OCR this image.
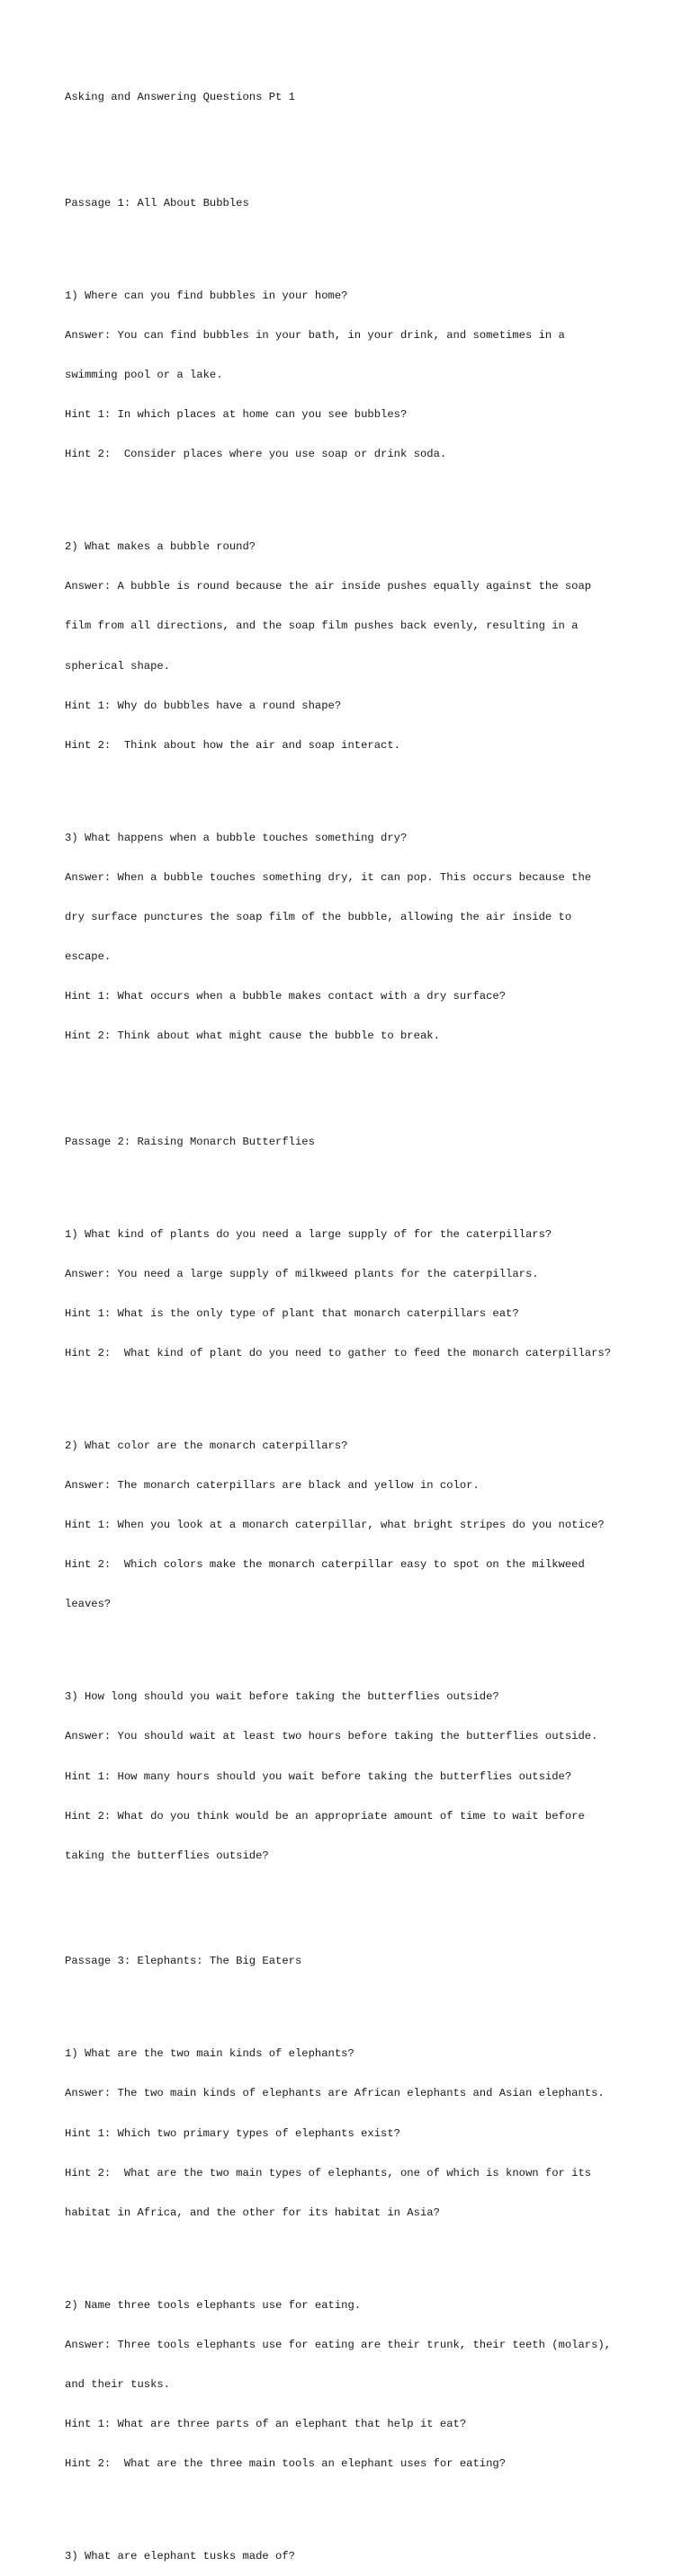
Asking and Answering Questions Pt 1

Passage 1: All About Bubbles

1) Where can you find bubbles in your home?

Answer: You can find bubbles in your bath, in your drink, and sometimes in a

swimming pool or a lake.

Hint 1: In which places at home can you see bubbles?

Hint 2:  Consider places where you use soap or drink soda.

2) What makes a bubble round?

Answer: A bubble is round because the air inside pushes equally against the soap

film from all directions, and the soap film pushes back evenly, resulting in a

spherical shape.

Hint 1: Why do bubbles have a round shape?

Hint 2:  Think about how the air and soap interact.

3) What happens when a bubble touches something dry?

Answer: When a bubble touches something dry, it can pop. This occurs because the

dry surface punctures the soap film of the bubble, allowing the air inside to

escape.

Hint 1: What occurs when a bubble makes contact with a dry surface?

Hint 2: Think about what might cause the bubble to break.

Passage 2: Raising Monarch Butterflies

1) What kind of plants do you need a large supply of for the caterpillars?

Answer: You need a large supply of milkweed plants for the caterpillars.

Hint 1: What is the only type of plant that monarch caterpillars eat?

Hint 2:  What kind of plant do you need to gather to feed the monarch caterpillars?

2) What color are the monarch caterpillars?

Answer: The monarch caterpillars are black and yellow in color.

Hint 1: When you look at a monarch caterpillar, what bright stripes do you notice?

Hint 2:  Which colors make the monarch caterpillar easy to spot on the milkweed

leaves?

3) How long should you wait before taking the butterflies outside?

Answer: You should wait at least two hours before taking the butterflies outside.

Hint 1: How many hours should you wait before taking the butterflies outside?

Hint 2: What do you think would be an appropriate amount of time to wait before

taking the butterflies outside?

Passage 3: Elephants: The Big Eaters

1) What are the two main kinds of elephants?

Answer: The two main kinds of elephants are African elephants and Asian elephants.

Hint 1: Which two primary types of elephants exist?

Hint 2:  What are the two main types of elephants, one of which is known for its

habitat in Africa, and the other for its habitat in Asia?

2) Name three tools elephants use for eating.

Answer: Three tools elephants use for eating are their trunk, their teeth (molars),

and their tusks.

Hint 1: What are three parts of an elephant that help it eat?

Hint 2:  What are the three main tools an elephant uses for eating?

3) What are elephant tusks made of?
